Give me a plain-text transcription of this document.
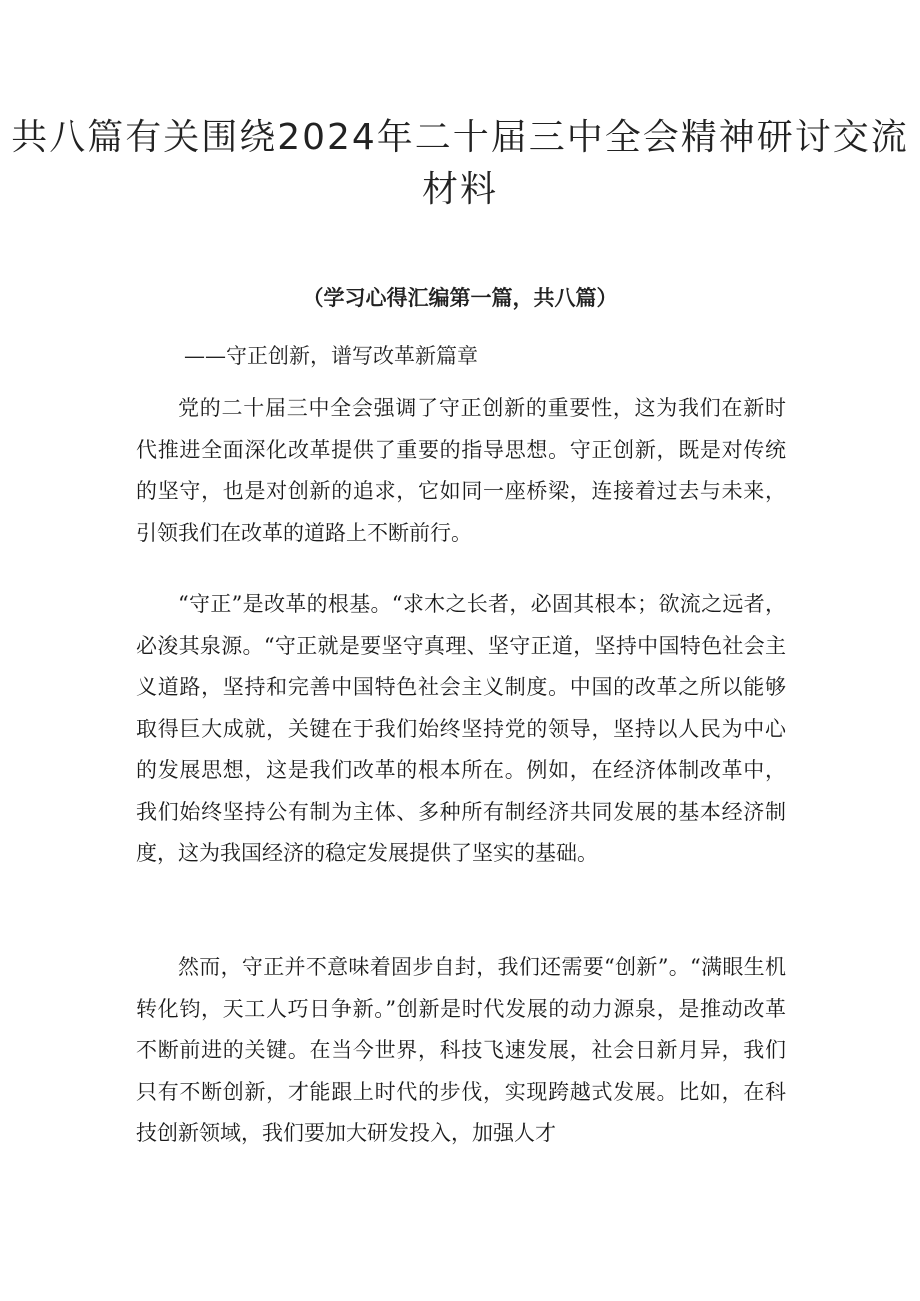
共八篇有关围绕2024年二十届三中全会精神研讨交流材料
（学习心得汇编第一篇，共八篇）
——守正创新，谱写改革新篇章

党的二十届三中全会强调了守正创新的重要性，这为我们在新时代推进全面深化改革提供了重要的指导思想。守正创新，既是对传统的坚守，也是对创新的追求，它如同一座桥梁，连接着过去与未来，引领我们在改革的道路上不断前行。

“守正”是改革的根基。“求木之长者，必固其根本；欲流之远者，必浚其泉源。“守正就是要坚守真理、坚守正道，坚持中国特色社会主义道路，坚持和完善中国特色社会主义制度。中国的改革之所以能够取得巨大成就，关键在于我们始终坚持党的领导，坚持以人民为中心的发展思想，这是我们改革的根本所在。例如，在经济体制改革中，我们始终坚持公有制为主体、多种所有制经济共同发展的基本经济制度，这为我国经济的稳定发展提供了坚实的基础。

然而，守正并不意味着固步自封，我们还需要“创新”。“满眼生机转化钧，天工人巧日争新。”创新是时代发展的动力源泉，是推动改革不断前进的关键。在当今世界，科技飞速发展，社会日新月异，我们只有不断创新，才能跟上时代的步伐，实现跨越式发展。比如，在科技创新领域，我们要加大研发投入，加强人才
